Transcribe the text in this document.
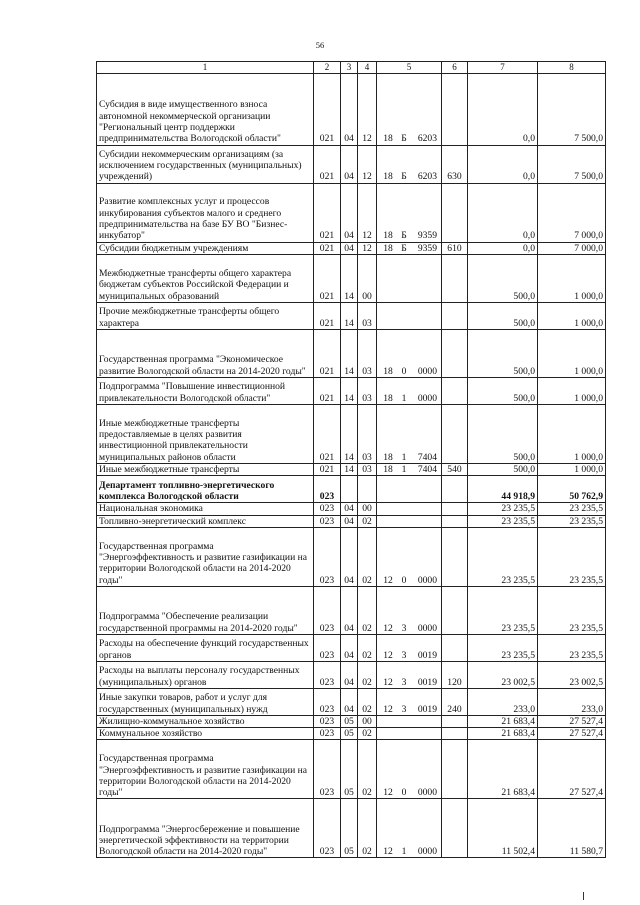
56
1	2	3	4	5	6	7	8
Субсидия в виде имущественного взноса автономной некоммерческой организации "Региональный центр поддержки предпринимательства Вологодской области"	021	04	12	18 Б 6203		0,0	7 500,0
Субсидии некоммерческим организациям (за исключением государственных (муниципальных) учреждений)	021	04	12	18 Б 6203	630	0,0	7 500,0
Развитие комплексных услуг и процессов инкубирования субъектов малого и среднего предпринимательства на базе БУ ВО "Бизнес-инкубатор"	021	04	12	18 Б 9359		0,0	7 000,0
Субсидии бюджетным учреждениям	021	04	12	18 Б 9359	610	0,0	7 000,0
Межбюджетные трансферты общего характера бюджетам субъектов Российской Федерации и муниципальных образований	021	14	00			500,0	1 000,0
Прочие межбюджетные трансферты общего характера	021	14	03			500,0	1 000,0
Государственная программа "Экономическое развитие Вологодской области на 2014-2020 годы"	021	14	03	18 0 0000		500,0	1 000,0
Подпрограмма "Повышение инвестиционной привлекательности Вологодской области"	021	14	03	18 1 0000		500,0	1 000,0
Иные межбюджетные трансферты предоставляемые в целях развития инвестиционной привлекательности муниципальных районов области	021	14	03	18 1 7404		500,0	1 000,0
Иные межбюджетные трансферты	021	14	03	18 1 7404	540	500,0	1 000,0
Департамент топливно-энергетического комплекса Вологодской области	023					44 918,9	50 762,9
Национальная экономика	023	04	00			23 235,5	23 235,5
Топливно-энергетический комплекс	023	04	02			23 235,5	23 235,5
Государственная программа "Энергоэффективность и развитие газификации на территории Вологодской области на 2014-2020 годы"	023	04	02	12 0 0000		23 235,5	23 235,5
Подпрограмма "Обеспечение реализации государственной программы на 2014-2020 годы"	023	04	02	12 3 0000		23 235,5	23 235,5
Расходы на обеспечение функций государственных органов	023	04	02	12 3 0019		23 235,5	23 235,5
Расходы на выплаты персоналу государственных (муниципальных) органов	023	04	02	12 3 0019	120	23 002,5	23 002,5
Иные закупки товаров, работ и услуг для государственных (муниципальных) нужд	023	04	02	12 3 0019	240	233,0	233,0
Жилищно-коммунальное хозяйство	023	05	00			21 683,4	27 527,4
Коммунальное хозяйство	023	05	02			21 683,4	27 527,4
Государственная программа "Энергоэффективность и развитие газификации на территории Вологодской области на 2014-2020 годы"	023	05	02	12 0 0000		21 683,4	27 527,4
Подпрограмма "Энергосбережение и повышение энергетической эффективности на территории Вологодской области на 2014-2020 годы"	023	05	02	12 1 0000		11 502,4	11 580,7
